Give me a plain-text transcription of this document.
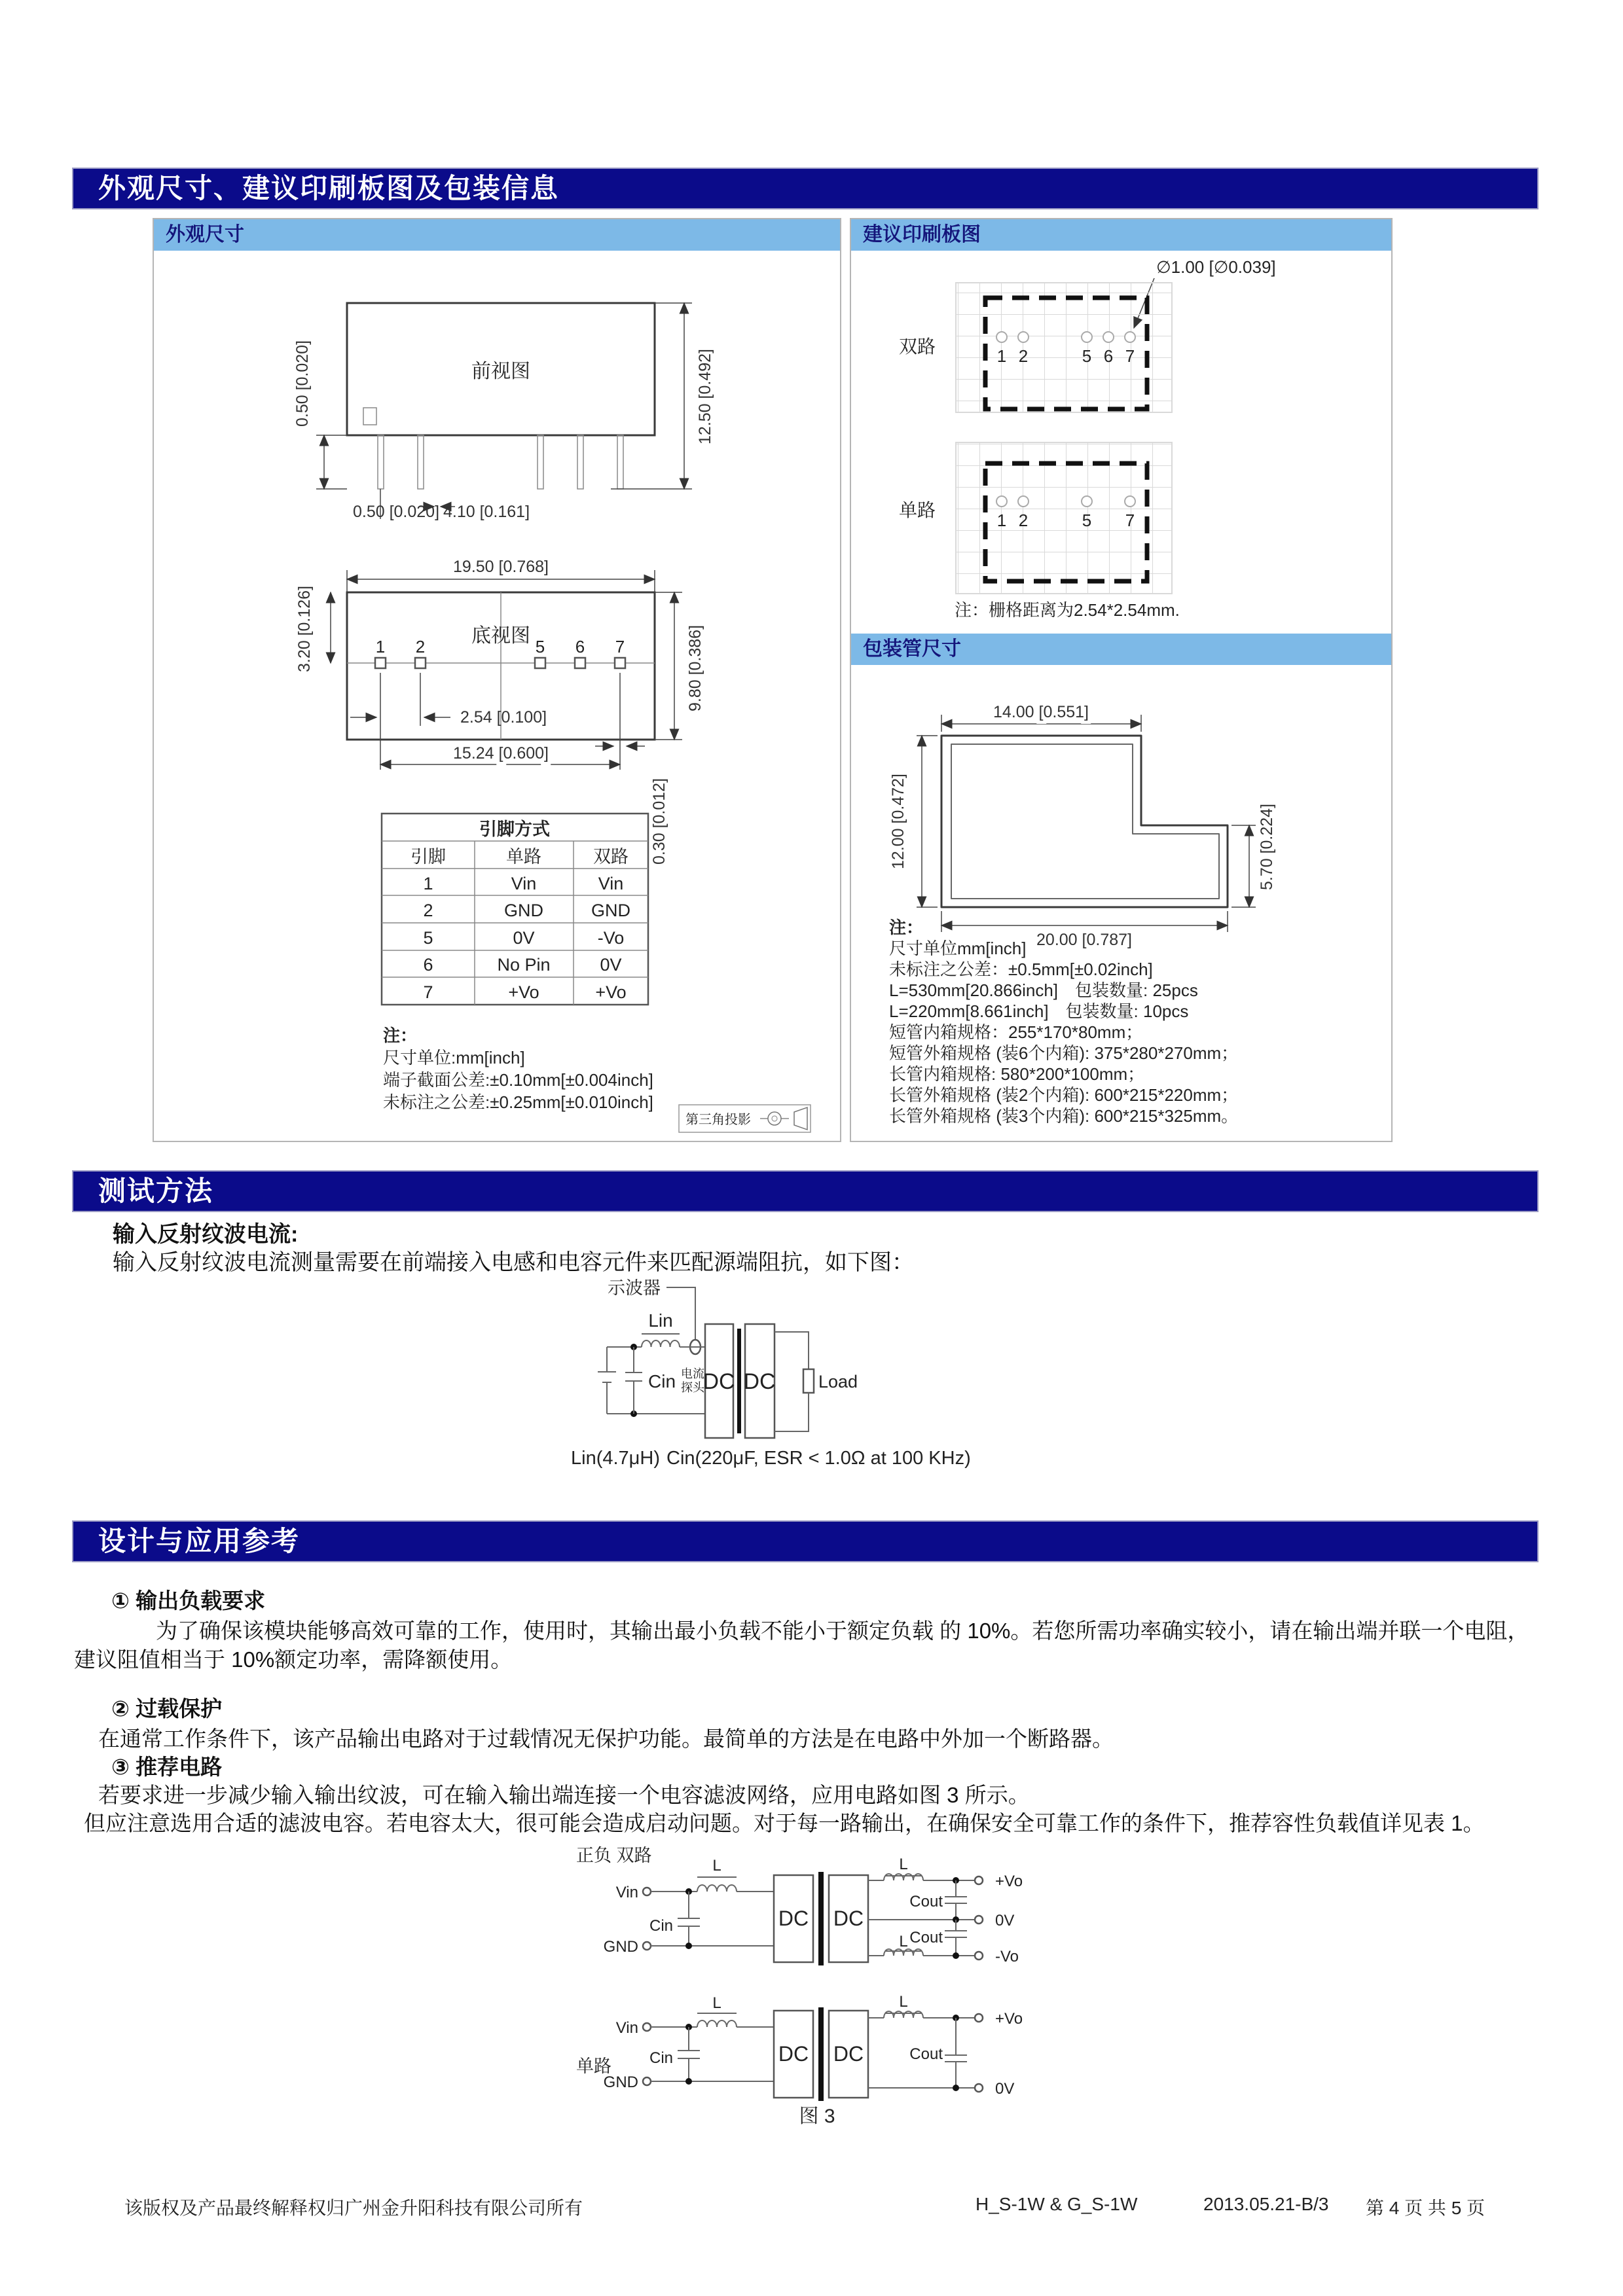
外观尺寸、建议印刷板图及包装信息
外观尺寸
前视图	12.50 [0.492]
0.50 [0.020]
0.50 [0.020] 4.10 [0.161]
19.50 [0.768]
底视图
1 2	5 6 7
3.20 [0.126]	9.80 [0.386]
2.54 [0.100]
15.24 [0.600]
0.30 [0.012]
引脚方式
引脚	单路	双路
1	Vin	Vin
2	GND	GND
5	0V	-Vo
6	No Pin	0V
7	+Vo	+Vo
注：
尺寸单位:mm[inch]
端子截面公差:±0.10mm[±0.004inch]
未标注之公差:±0.25mm[±0.010inch]
第三角投影
建议印刷板图
包装管尺寸
∅1.00 [∅0.039]
1 2	5 6 7
双路
1 2	5 7
单路
注：栅格距离为2.54*2.54mm.
14.00 [0.551]
12.00 [0.472]	5.70 [0.224]
20.00 [0.787]
注：
尺寸单位mm[inch]
未标注之公差：±0.5mm[±0.02inch]
L=530mm[20.866inch]　包装数量: 25pcs
L=220mm[8.661inch]　包装数量: 10pcs
短管内箱规格：255*170*80mm；
短管外箱规格 (装6个内箱): 375*280*270mm；
长管内箱规格: 580*200*100mm；
长管外箱规格 (装2个内箱): 600*215*220mm；
长管外箱规格 (装3个内箱): 600*215*325mm。
测试方法
输入反射纹波电流:
输入反射纹波电流测量需要在前端接入电感和电容元件来匹配源端阻抗，如下图：
示波器
Cin
Lin
电流
探头
DC DC Load
Lin(4.7μH) Cin(220μF, ESR < 1.0Ω at 100 KHz)
设计与应用参考
① 输出负载要求
为了确保该模块能够高效可靠的工作，使用时，其输出最小负载不能小于额定负载 的 10%。若您所需功率确实较小，请在输出端并联一个电阻，
建议阻值相当于 10%额定功率，需降额使用。
② 过载保护
在通常工作条件下，该产品输出电路对于过载情况无保护功能。最简单的方法是在电路中外加一个断路器。
③ 推荐电路
若要求进一步减少输入输出纹波，可在输入输出端连接一个电容滤波网络，应用电路如图 3 所示。
但应注意选用合适的滤波电容。若电容太大，很可能会造成启动问题。对于每一路输出，在确保安全可靠工作的条件下，推荐容性负载值详见表 1。
正负 双路
Vin
L
Cin
GND
DC DC
L
+Vo
Cout
0V
Cout
L
-Vo
单路
Vin
L
Cin
GND
DC DC
L
+Vo
Cout
0V
图 3
该版权及产品最终解释权归广州金升阳科技有限公司所有	H_S-1W & G_S-1W	2013.05.21-B/3 第 4 页 共 5 页
